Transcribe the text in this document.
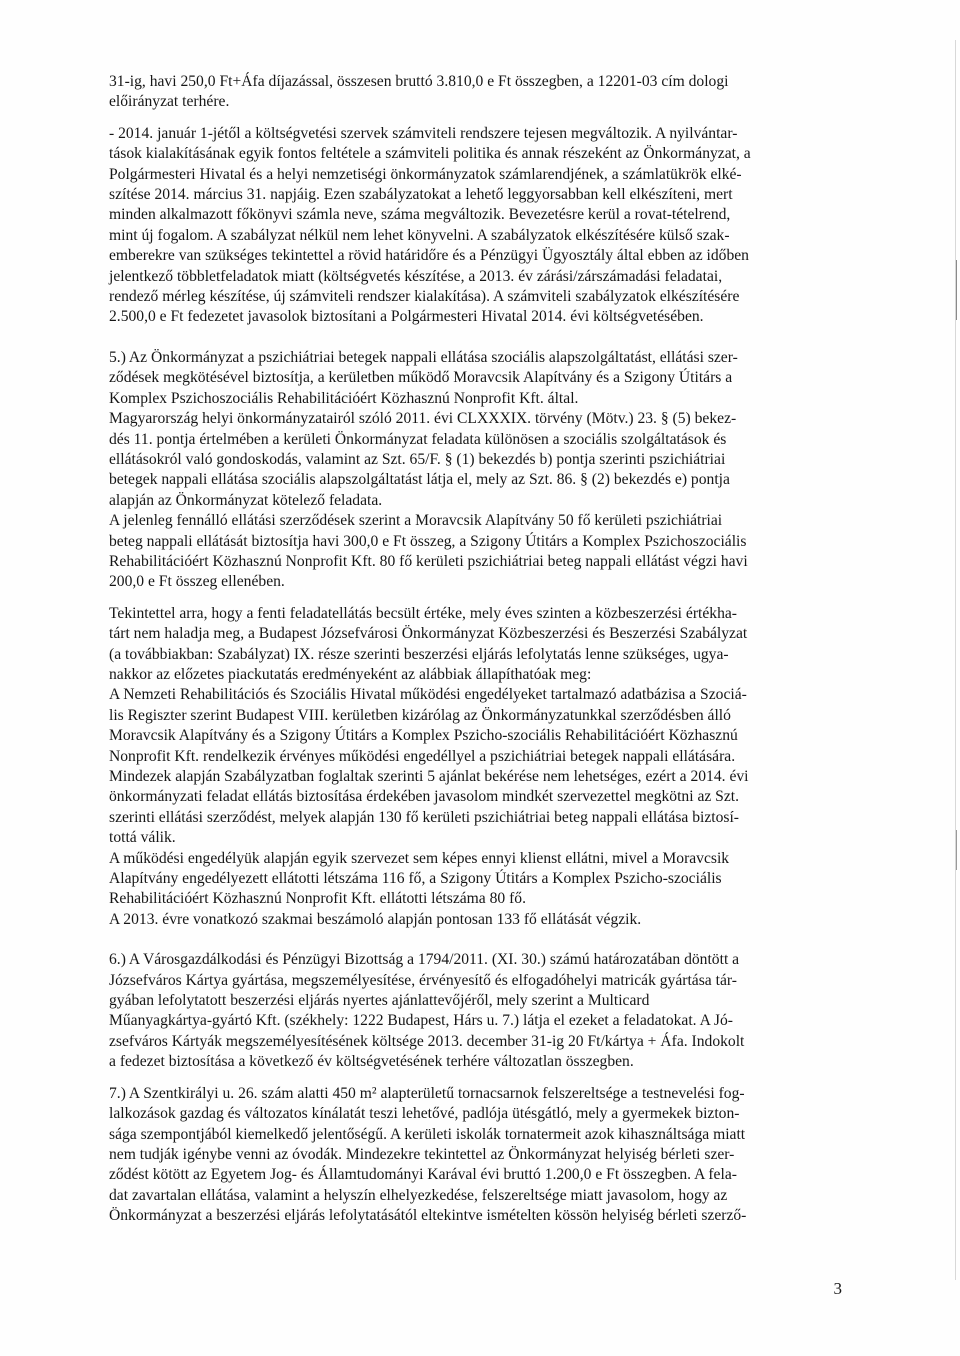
31-ig, havi 250,0 Ft+Áfa díjazással, összesen bruttó 3.810,0 e Ft összegben, a 12201-03 cím dologi
előirányzat terhére.
- 2014. január 1-jétől a költségvetési szervek számviteli rendszere tejesen megváltozik. A nyilvántar-
tások kialakításának egyik fontos feltétele a számviteli politika és annak részeként az Önkormányzat, a
Polgármesteri Hivatal és a helyi nemzetiségi önkormányzatok számlarendjének, a számlatükrök elké-
szítése 2014. március 31. napjáig. Ezen szabályzatokat a lehető leggyorsabban kell elkészíteni, mert
minden alkalmazott főkönyvi számla neve, száma megváltozik. Bevezetésre kerül a rovat-tételrend,
mint új fogalom. A szabályzat nélkül nem lehet könyvelni. A szabályzatok elkészítésére külső szak-
emberekre van szükséges tekintettel a rövid határidőre és a Pénzügyi Ügyosztály által ebben az időben
jelentkező többletfeladatok miatt (költségvetés készítése, a 2013. év zárási/zárszámadási feladatai,
rendező mérleg készítése, új számviteli rendszer kialakítása). A számviteli szabályzatok elkészítésére
2.500,0 e Ft fedezetet javasolok biztosítani a Polgármesteri Hivatal 2014. évi költségvetésében.
5.) Az Önkormányzat a pszichiátriai betegek nappali ellátása szociális alapszolgáltatást, ellátási szer-
ződések megkötésével biztosítja, a kerületben működő Moravcsik Alapítvány és a Szigony Útitárs a
Komplex Pszichoszociális Rehabilitációért Közhasznú Nonprofit Kft. által.
Magyarország helyi önkormányzatairól szóló 2011. évi CLXXXIX. törvény (Mötv.) 23. § (5) bekez-
dés 11. pontja értelmében a kerületi Önkormányzat feladata különösen a szociális szolgáltatások és
ellátásokról való gondoskodás, valamint az Szt. 65/F. § (1) bekezdés b) pontja szerinti pszichiátriai
betegek nappali ellátása szociális alapszolgáltatást látja el, mely az Szt. 86. § (2) bekezdés e) pontja
alapján az Önkormányzat kötelező feladata.
A jelenleg fennálló ellátási szerződések szerint a Moravcsik Alapítvány 50 fő kerületi pszichiátriai
beteg nappali ellátását biztosítja havi 300,0 e Ft összeg, a Szigony Útitárs a Komplex Pszichoszociális
Rehabilitációért Közhasznú Nonprofit Kft. 80 fő kerületi pszichiátriai beteg nappali ellátást végzi havi
200,0 e Ft összeg ellenében.
Tekintettel arra, hogy a fenti feladatellátás becsült értéke, mely éves szinten a közbeszerzési értékha-
tárt nem haladja meg, a Budapest Józsefvárosi Önkormányzat Közbeszerzési és Beszerzési Szabályzat
(a továbbiakban: Szabályzat) IX. része szerinti beszerzési eljárás lefolytatás lenne szükséges, ugya-
nakkor az előzetes piackutatás eredményeként az alábbiak állapíthatóak meg:
A Nemzeti Rehabilitációs és Szociális Hivatal működési engedélyeket tartalmazó adatbázisa a Szociá-
lis Regiszter szerint Budapest VIII. kerületben kizárólag az Önkormányzatunkkal szerződésben álló
Moravcsik Alapítvány és a Szigony Útitárs a Komplex Pszicho-szociális Rehabilitációért Közhasznú
Nonprofit Kft. rendelkezik érvényes működési engedéllyel a pszichiátriai betegek nappali ellátására.
Mindezek alapján Szabályzatban foglaltak szerinti 5 ajánlat bekérése nem lehetséges, ezért a 2014. évi
önkormányzati feladat ellátás biztosítása érdekében javasolom mindkét szervezettel megkötni az Szt.
szerinti ellátási szerződést, melyek alapján 130 fő kerületi pszichiátriai beteg nappali ellátása biztosí-
tottá válik.
A működési engedélyük alapján egyik szervezet sem képes ennyi klienst ellátni, mivel a Moravcsik
Alapítvány engedélyezett ellátotti létszáma 116 fő, a Szigony Útitárs a Komplex Pszicho-szociális
Rehabilitációért Közhasznú Nonprofit Kft. ellátotti létszáma 80 fő.
A 2013. évre vonatkozó szakmai beszámoló alapján pontosan 133 fő ellátását végzik.
6.) A Városgazdálkodási és Pénzügyi Bizottság a 1794/2011. (XI. 30.) számú határozatában döntött a
Józsefváros Kártya gyártása, megszemélyesítése, érvényesítő és elfogadóhelyi matricák gyártása tár-
gyában lefolytatott beszerzési eljárás nyertes ajánlattevőjéről, mely szerint a Multicard
Műanyagkártya-gyártó Kft. (székhely: 1222 Budapest, Hárs u. 7.) látja el ezeket a feladatokat. A Jó-
zsefváros Kártyák megszemélyesítésének költsége 2013. december 31-ig 20 Ft/kártya + Áfa. Indokolt
a fedezet biztosítása a következő év költségvetésének terhére változatlan összegben.
7.) A Szentkirályi u. 26. szám alatti 450 m² alapterületű tornacsarnok felszereltsége a testnevelési fog-
lalkozások gazdag és változatos kínálatát teszi lehetővé, padlója ütésgátló, mely a gyermekek bizton-
sága szempontjából kiemelkedő jelentőségű. A kerületi iskolák tornatermeit azok kihasználtsága miatt
nem tudják igénybe venni az óvodák. Mindezekre tekintettel az Önkormányzat helyiség bérleti szer-
ződést kötött az Egyetem Jog- és Államtudományi Karával évi bruttó 1.200,0 e Ft összegben. A fela-
dat zavartalan ellátása, valamint a helyszín elhelyezkedése, felszereltsége miatt javasolom, hogy az
Önkormányzat a beszerzési eljárás lefolytatásától eltekintve ismételten kössön helyiség bérleti szerző-
3
